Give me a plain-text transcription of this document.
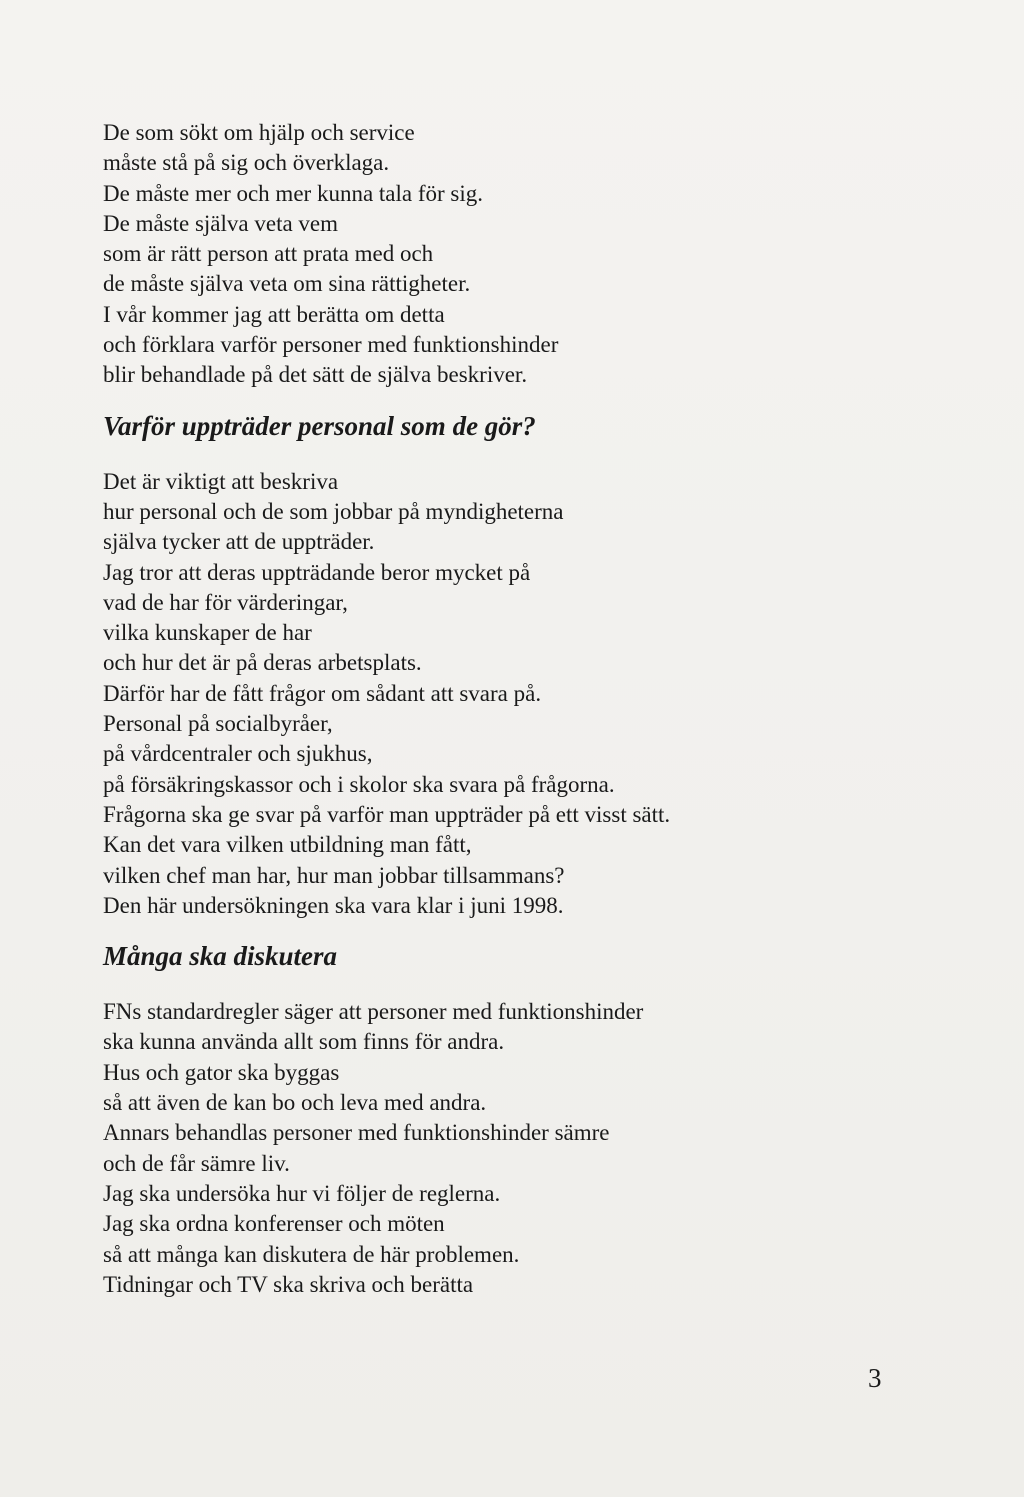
De som sökt om hjälp och service
måste stå på sig och överklaga.
De måste mer och mer kunna tala för sig.
De måste själva veta vem
som är rätt person att prata med och
de måste själva veta om sina rättigheter.
I vår kommer jag att berätta om detta
och förklara varför personer med funktionshinder
blir behandlade på det sätt de själva beskriver.
Varför uppträder personal som de gör?
Det är viktigt att beskriva
hur personal och de som jobbar på myndigheterna
själva tycker att de uppträder.
Jag tror att deras uppträdande beror mycket på
vad de har för värderingar,
vilka kunskaper de har
och hur det är på deras arbetsplats.
Därför har de fått frågor om sådant att svara på.
Personal på socialbyråer,
på vårdcentraler och sjukhus,
på försäkringskassor och i skolor ska svara på frågorna.
Frågorna ska ge svar på varför man uppträder på ett visst sätt.
Kan det vara vilken utbildning man fått,
vilken chef man har, hur man jobbar tillsammans?
Den här undersökningen ska vara klar i juni 1998.
Många ska diskutera
FNs standardregler säger att personer med funktionshinder
ska kunna använda allt som finns för andra.
Hus och gator ska byggas
så att även de kan bo och leva med andra.
Annars behandlas personer med funktionshinder sämre
och de får sämre liv.
Jag ska undersöka hur vi följer de reglerna.
Jag ska ordna konferenser och möten
så att många kan diskutera de här problemen.
Tidningar och TV ska skriva och berätta
3
